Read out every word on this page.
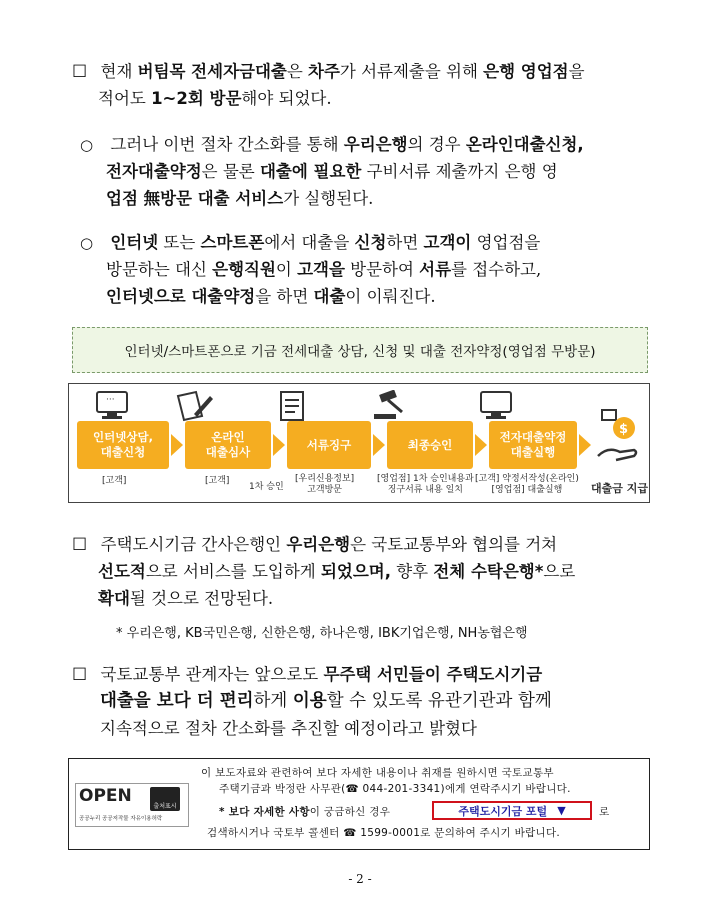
☐ 현재 버팀목 전세자금대출은 차주가 서류제출을 위해 은행 영업점을
적어도 1~2회 방문해야 되었다.
○ 그러나 이번 절차 간소화를 통해 우리은행의 경우 온라인대출신청,
전자대출약정은 물론 대출에 필요한 구비서류 제출까지 은행 영
업점 無방문 대출 서비스가 실행된다.
○ 인터넷 또는 스마트폰에서 대출을 신청하면 고객이 영업점을
방문하는 대신 은행직원이 고객을 방문하여 서류를 접수하고,
인터넷으로 대출약정을 하면 대출이 이뤄진다.
인터넷/스마트폰으로 기금 전세대출 상담, 신청 및 대출 전자약정(영업점 무방문)
···
인터넷상담,
대출신청
온라인
대출심사
서류징구	최종승인
전자대출약정
대출실행
$
대출금 지급
[고객]	[고객]
1차 승인
[우리신용정보]
고객방문
[영업점] 1차 승인내용과
징구서류 내용 일치
[고객] 약정서작성(온라인)
[영업점] 대출실행
☐ 주택도시기금 간사은행인 우리은행은 국토교통부와 협의를 거쳐
선도적으로 서비스를 도입하게 되었으며, 향후 전체 수탁은행*으로
확대될 것으로 전망된다.
* 우리은행, KB국민은행, 신한은행, 하나은행, IBK기업은행, NH농협은행
☐ 국토교통부 관계자는 앞으로도 무주택 서민들이 주택도시기금
대출을 보다 더 편리하게 이용할 수 있도록 유관기관과 함께
지속적으로 절차 간소화를 추진할 예정이라고 밝혔다
OPEN
출처표시
공공누리 공공저작물 자유이용허락
이 보도자료와 관련하여 보다 자세한 내용이나 취재를 원하시면 국토교통부
주택기금과 박정란 사무관(☎ 044-201-3341)에게 연락주시기 바랍니다.
* 보다 자세한 사항이 궁금하신 경우	주택도시기금 포털 ▼	로
검색하시거나 국토부 콜센터 ☎ 1599-0001로 문의하여 주시기 바랍니다.
- 2 -
